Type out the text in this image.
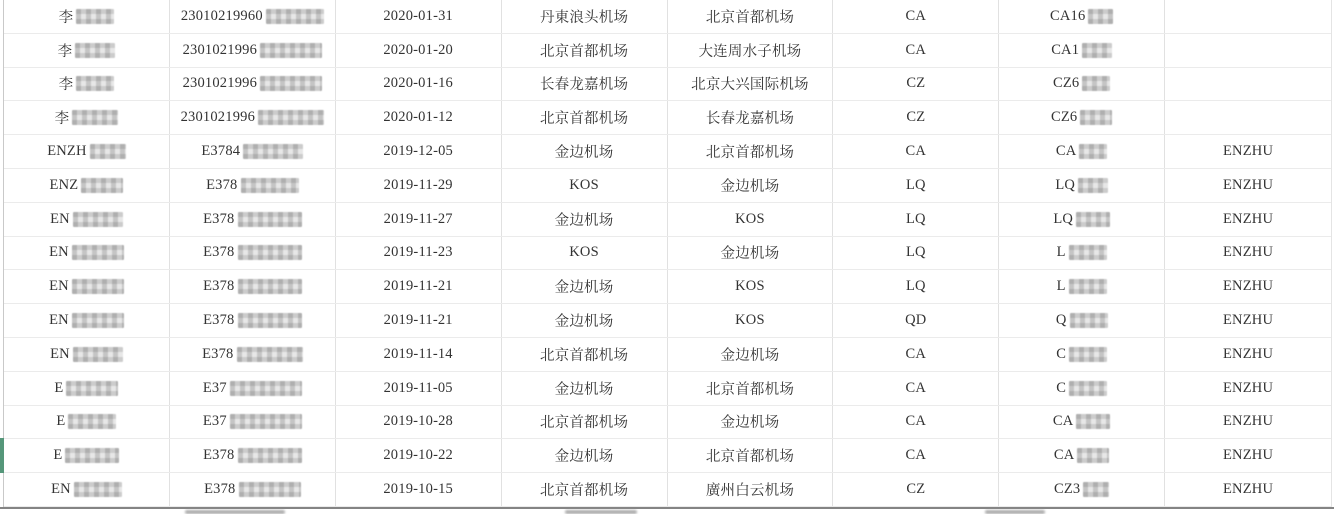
李	23010219960	2020-01-31	丹東浪头机场	北京首都机场	CA	CA16
李	2301021996	2020-01-20	北京首都机场	大连周水子机场	CA	CA1
李	2301021996	2020-01-16	长春龙嘉机场	北京大兴国际机场	CZ	CZ6
李	2301021996	2020-01-12	北京首都机场	长春龙嘉机场	CZ	CZ6
ENZH	E3784	2019-12-05	金边机场	北京首都机场	CA	CA	ENZHU
ENZ	E378	2019-11-29	KOS	金边机场	LQ	LQ	ENZHU
EN	E378	2019-11-27	金边机场	KOS	LQ	LQ	ENZHU
EN	E378	2019-11-23	KOS	金边机场	LQ	L	ENZHU
EN	E378	2019-11-21	金边机场	KOS	LQ	L	ENZHU
EN	E378	2019-11-21	金边机场	KOS	QD	Q	ENZHU
EN	E378	2019-11-14	北京首都机场	金边机场	CA	C	ENZHU
E	E37	2019-11-05	金边机场	北京首都机场	CA	C	ENZHU
E	E37	2019-10-28	北京首都机场	金边机场	CA	CA	ENZHU
E	E378	2019-10-22	金边机场	北京首都机场	CA	CA	ENZHU
EN	E378	2019-10-15	北京首都机场	廣州白云机场	CZ	CZ3	ENZHU
